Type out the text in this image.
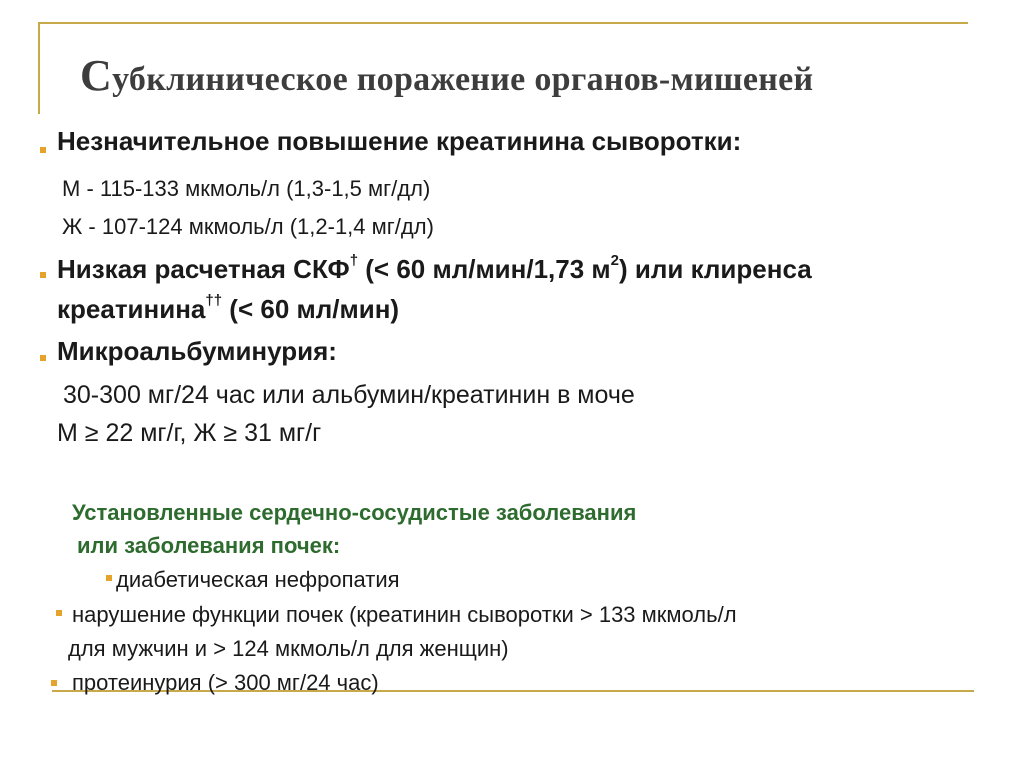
Субклиническое поражение органов-мишеней
Незначительное повышение креатинина сыворотки:
М - 115-133 мкмоль/л (1,3-1,5 мг/дл)
Ж - 107-124 мкмоль/л (1,2-1,4 мг/дл)
Низкая расчетная СКФ† (< 60 мл/мин/1,73 $м^2$) или клиренса
креатинина†† (< 60 мл/мин)
Микроальбуминурия:
30-300 мг/24 час или альбумин/креатинин в моче
М ≥ 22 мг/г, Ж ≥ 31 мг/г
Установленные сердечно-сосудистые заболевания
или заболевания почек:
диабетическая нефропатия
нарушение функции почек (креатинин сыворотки > 133 мкмоль/л
для мужчин и > 124 мкмоль/л для женщин)
протеинурия (> 300 мг/24 час)
